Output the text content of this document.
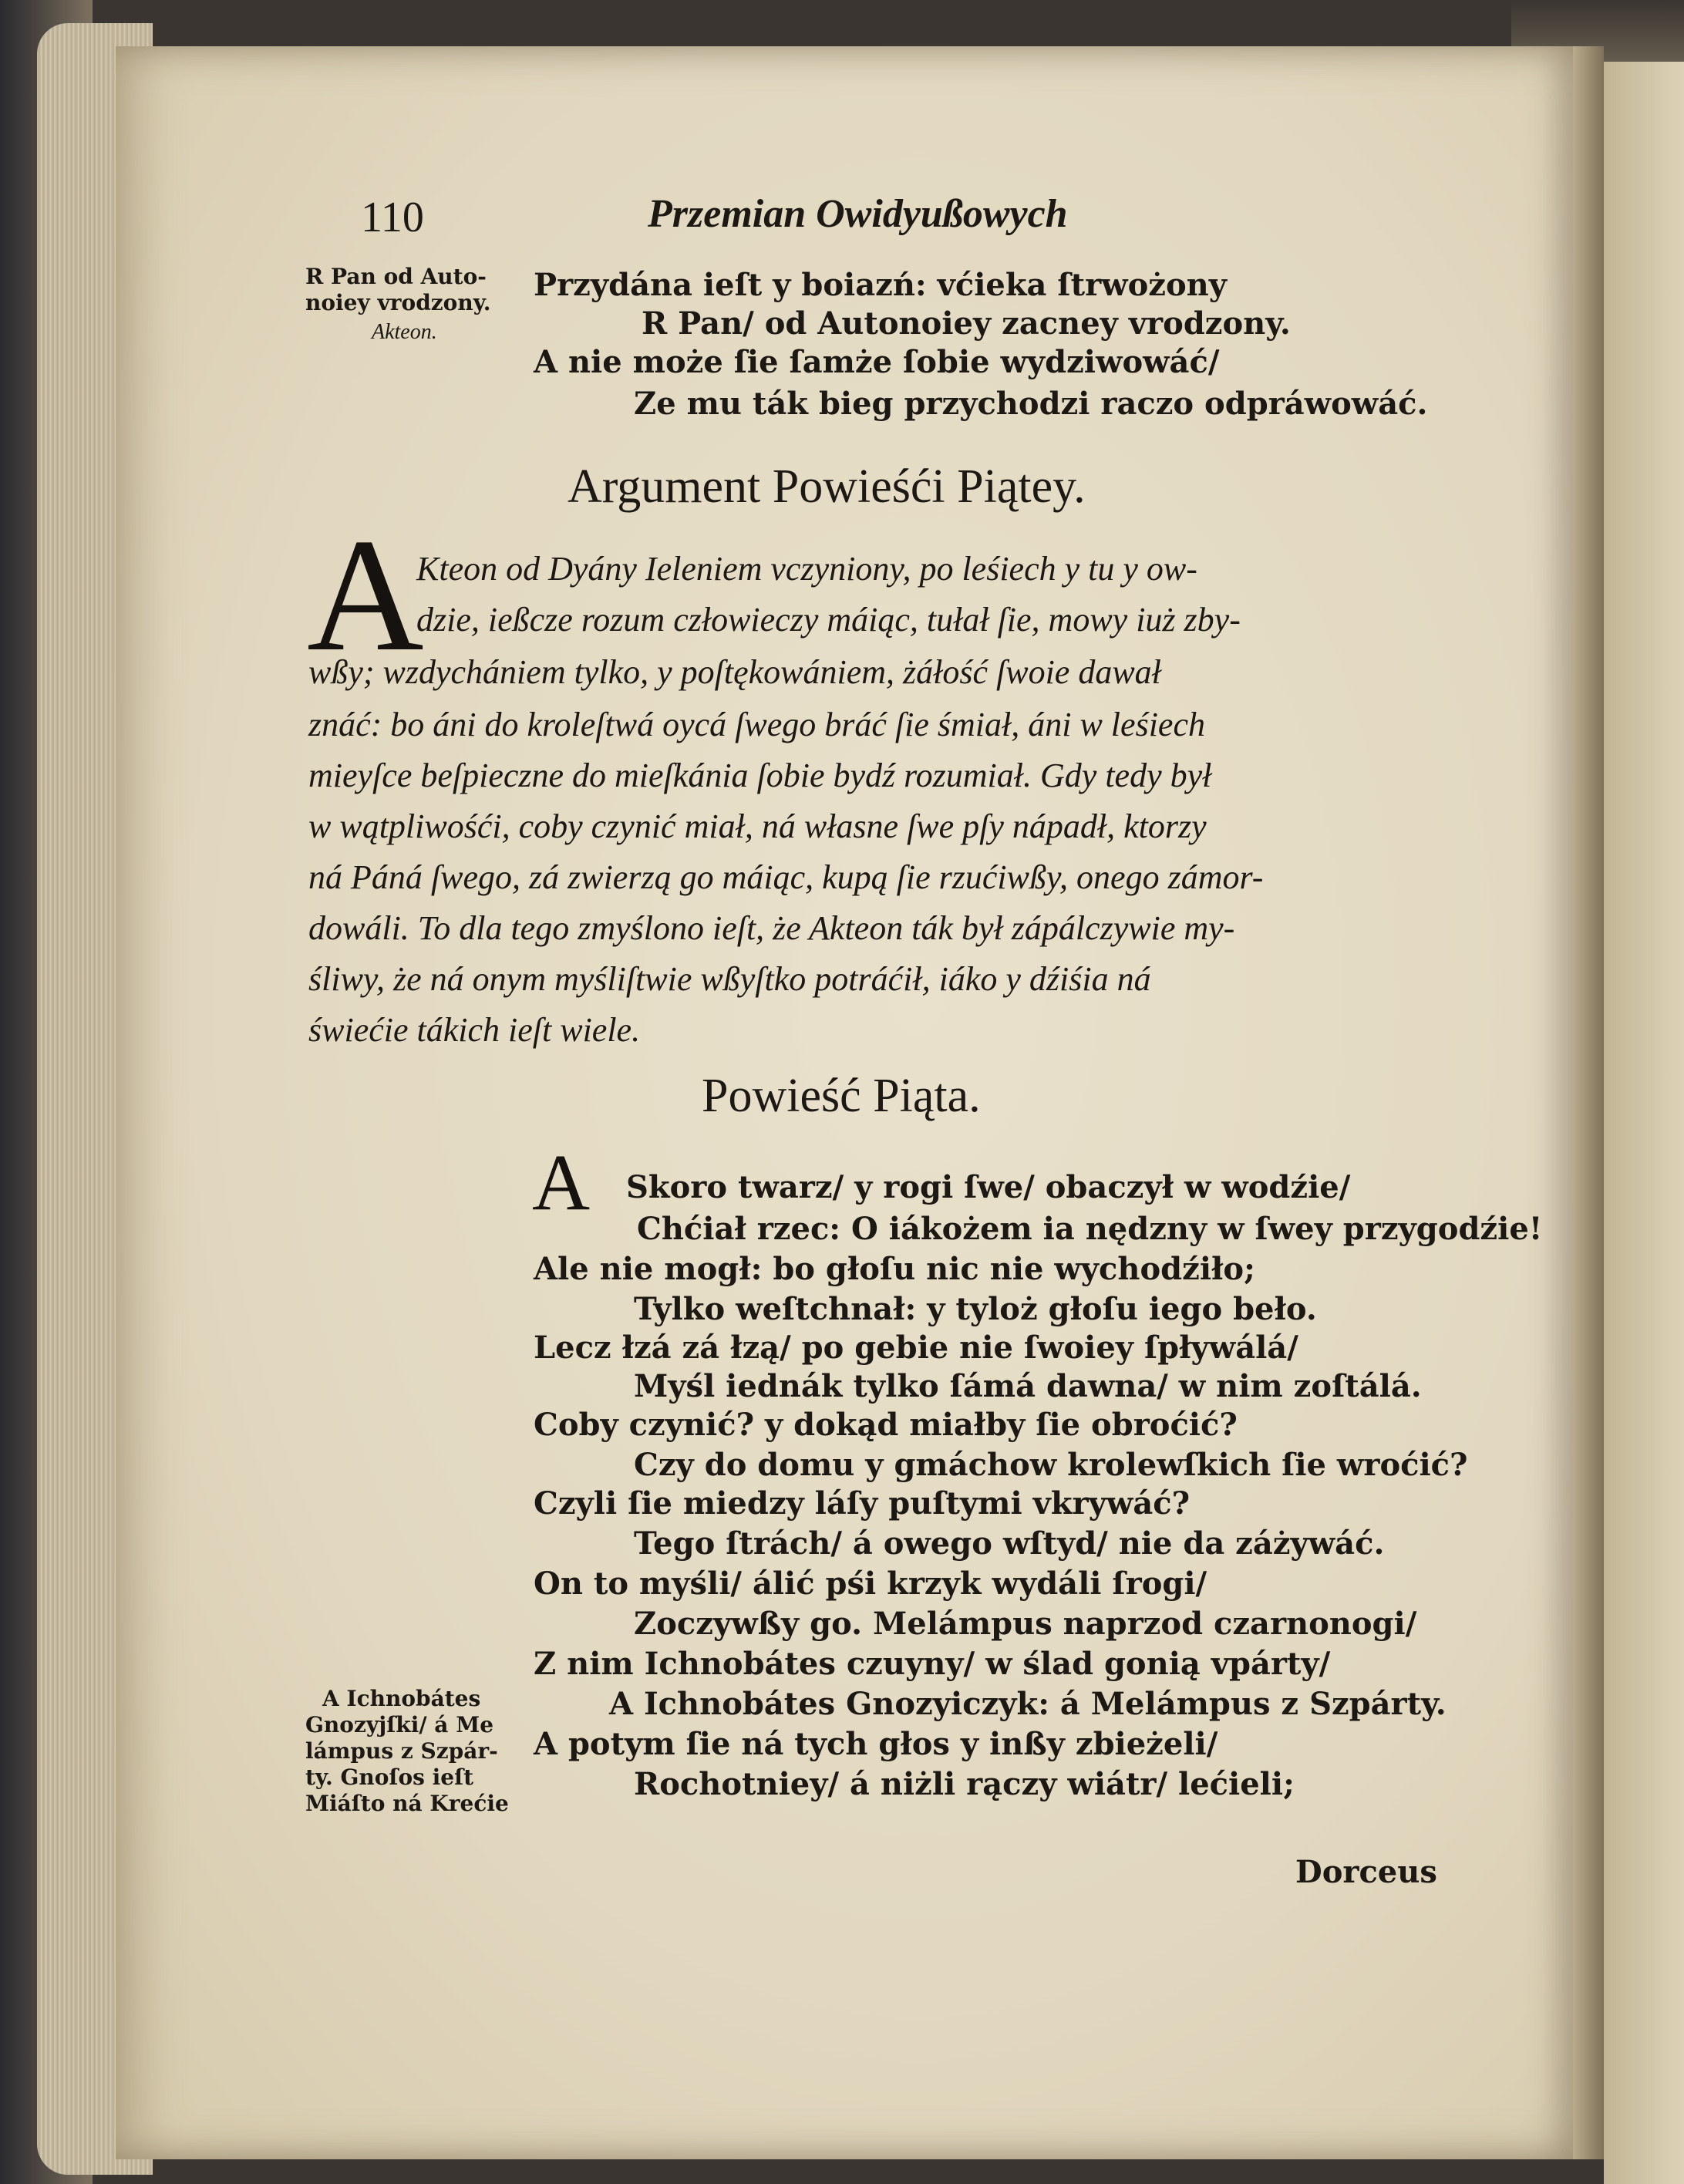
110	Przemian Owidyußowych
R Pan od Auto-
noiey vrodzony.
Akteon.
Przydána ieſt y boiazń: vćieka ſtrwożony
R Pan/ od Autonoiey zacney vrodzony.
A nie może ſie ſamże ſobie wydziwowáć/
Ze mu ták bieg przychodzi raczo odpráwowáć.
Argument Powieśći Piątey.
A
Kteon od Dyány Ieleniem vczyniony, po leśiech y tu y ow-
dzie, ießcze rozum człowieczy máiąc, tułał ſie, mowy iuż zby-
wßy; wzdychániem tylko, y poſtękowániem, żáłość ſwoie dawał
znáć: bo áni do kroleſtwá oycá ſwego bráć ſie śmiał, áni w leśiech
mieyſce beſpieczne do mieſkánia ſobie bydź rozumiał. Gdy tedy był
w wątpliwośći, coby czynić miał, ná własne ſwe pſy nápadł, ktorzy
ná Páná ſwego, zá zwierzą go máiąc, kupą ſie rzućiwßy, onego zámor-
dowáli. To dla tego zmyślono ieſt, że Akteon ták był zápálczywie my-
śliwy, że ná onym myśliſtwie wßyſtko potráćił, iáko y dźiśia ná
świećie tákich ieſt wiele.
Powieść Piąta.
A Skoro twarz/ y rogi ſwe/ obaczył w wodźie/
Chćiał rzec: O iákożem ia nędzny w ſwey przygodźie!
Ale nie mogł: bo głoſu nic nie wychodźiło;
Tylko weſtchnał: y tyloż głoſu iego beło.
Lecz łzá zá łzą/ po gebie nie ſwoiey ſpływálá/
Myśl iednák tylko ſámá dawna/ w nim zoſtálá.
Coby czynić? y dokąd miałby ſie obroćić?
Czy do domu y gmáchow krolewſkich ſie wroćić?
Czyli ſie miedzy láſy puſtymi vkrywáć?
Tego ſtrách/ á owego wſtyd/ nie da záżywáć.
On to myśli/ álić pśi krzyk wydáli ſrogi/
Zoczywßy go. Melámpus naprzod czarnonogi/
Z nim Ichnobátes czuyny/ w ślad gonią vpárty/
A Ichnobátes Gnozyiczyk: á Melámpus z Szpárty.
A potym ſie ná tych głos y inßy zbieżeli/
Rochotniey/ á niżli rączy wiátr/ lećieli;
A Ichnobátes
Gnozyjſki/ á Me
lámpus z Szpár-
ty. Gnoſos ieſt
Miáſto ná Krećie
Dorceus
